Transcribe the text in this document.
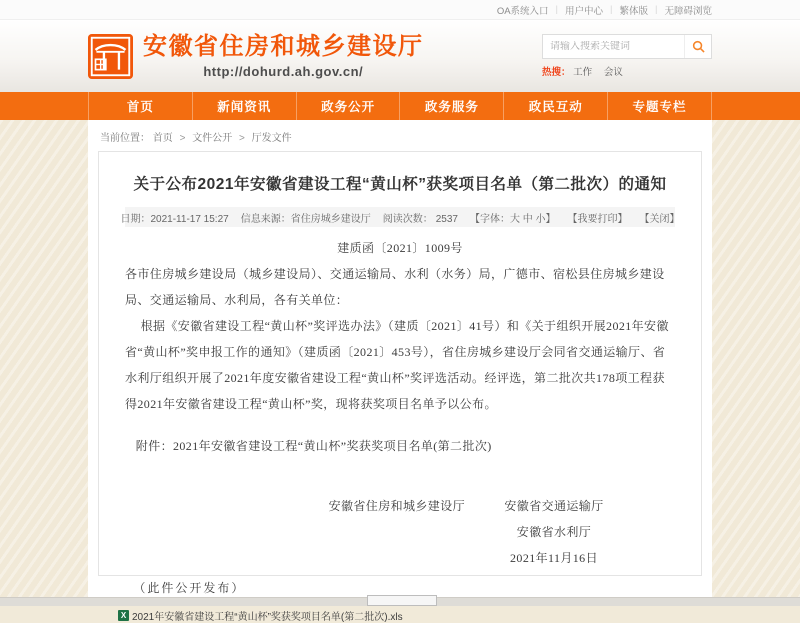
OA系统入口 | 用户中心 | 繁体版 | 无障碍浏览
安徽省住房和城乡建设厅
http://dohurd.ah.gov.cn/
请输入搜索关键词	热搜： 工作 会议
首页	新闻资讯	政务公开	政务服务	政民互动	专题专栏
当前位置： 首页 > 文件公开 > 厅发文件
关于公布2021年安徽省建设工程“黄山杯”获奖项目名单（第二批次）的通知
日期：2021-11-17 15:27 信息来源：省住房城乡建设厅 阅读次数： 2537 【字体：大 中 小】 【我要打印】 【关闭】
建质函〔2021〕1009号
各市住房城乡建设局（城乡建设局）、交通运输局、水利（水务）局，广德市、宿松县住房城乡建设局、交通运输局、水利局，各有关单位：
根据《安徽省建设工程“黄山杯”奖评选办法》（建质〔2021〕41号）和《关于组织开展2021年安徽省“黄山杯”奖申报工作的通知》（建质函〔2021〕453号），省住房城乡建设厅会同省交通运输厅、省水利厅组织开展了2021年度安徽省建设工程“黄山杯”奖评选活动。经评选，第二批次共178项工程获得2021年安徽省建设工程“黄山杯”奖，现将获奖项目名单予以公布。
附件：2021年安徽省建设工程“黄山杯”奖获奖项目名单(第二批次)
安徽省住房和城乡建设厅	安徽省交通运输厅
安徽省水利厅
2021年11月16日
（此件公开发布）
X 2021年安徽省建设工程“黄山杯”奖获奖项目名单(第二批次).xls
